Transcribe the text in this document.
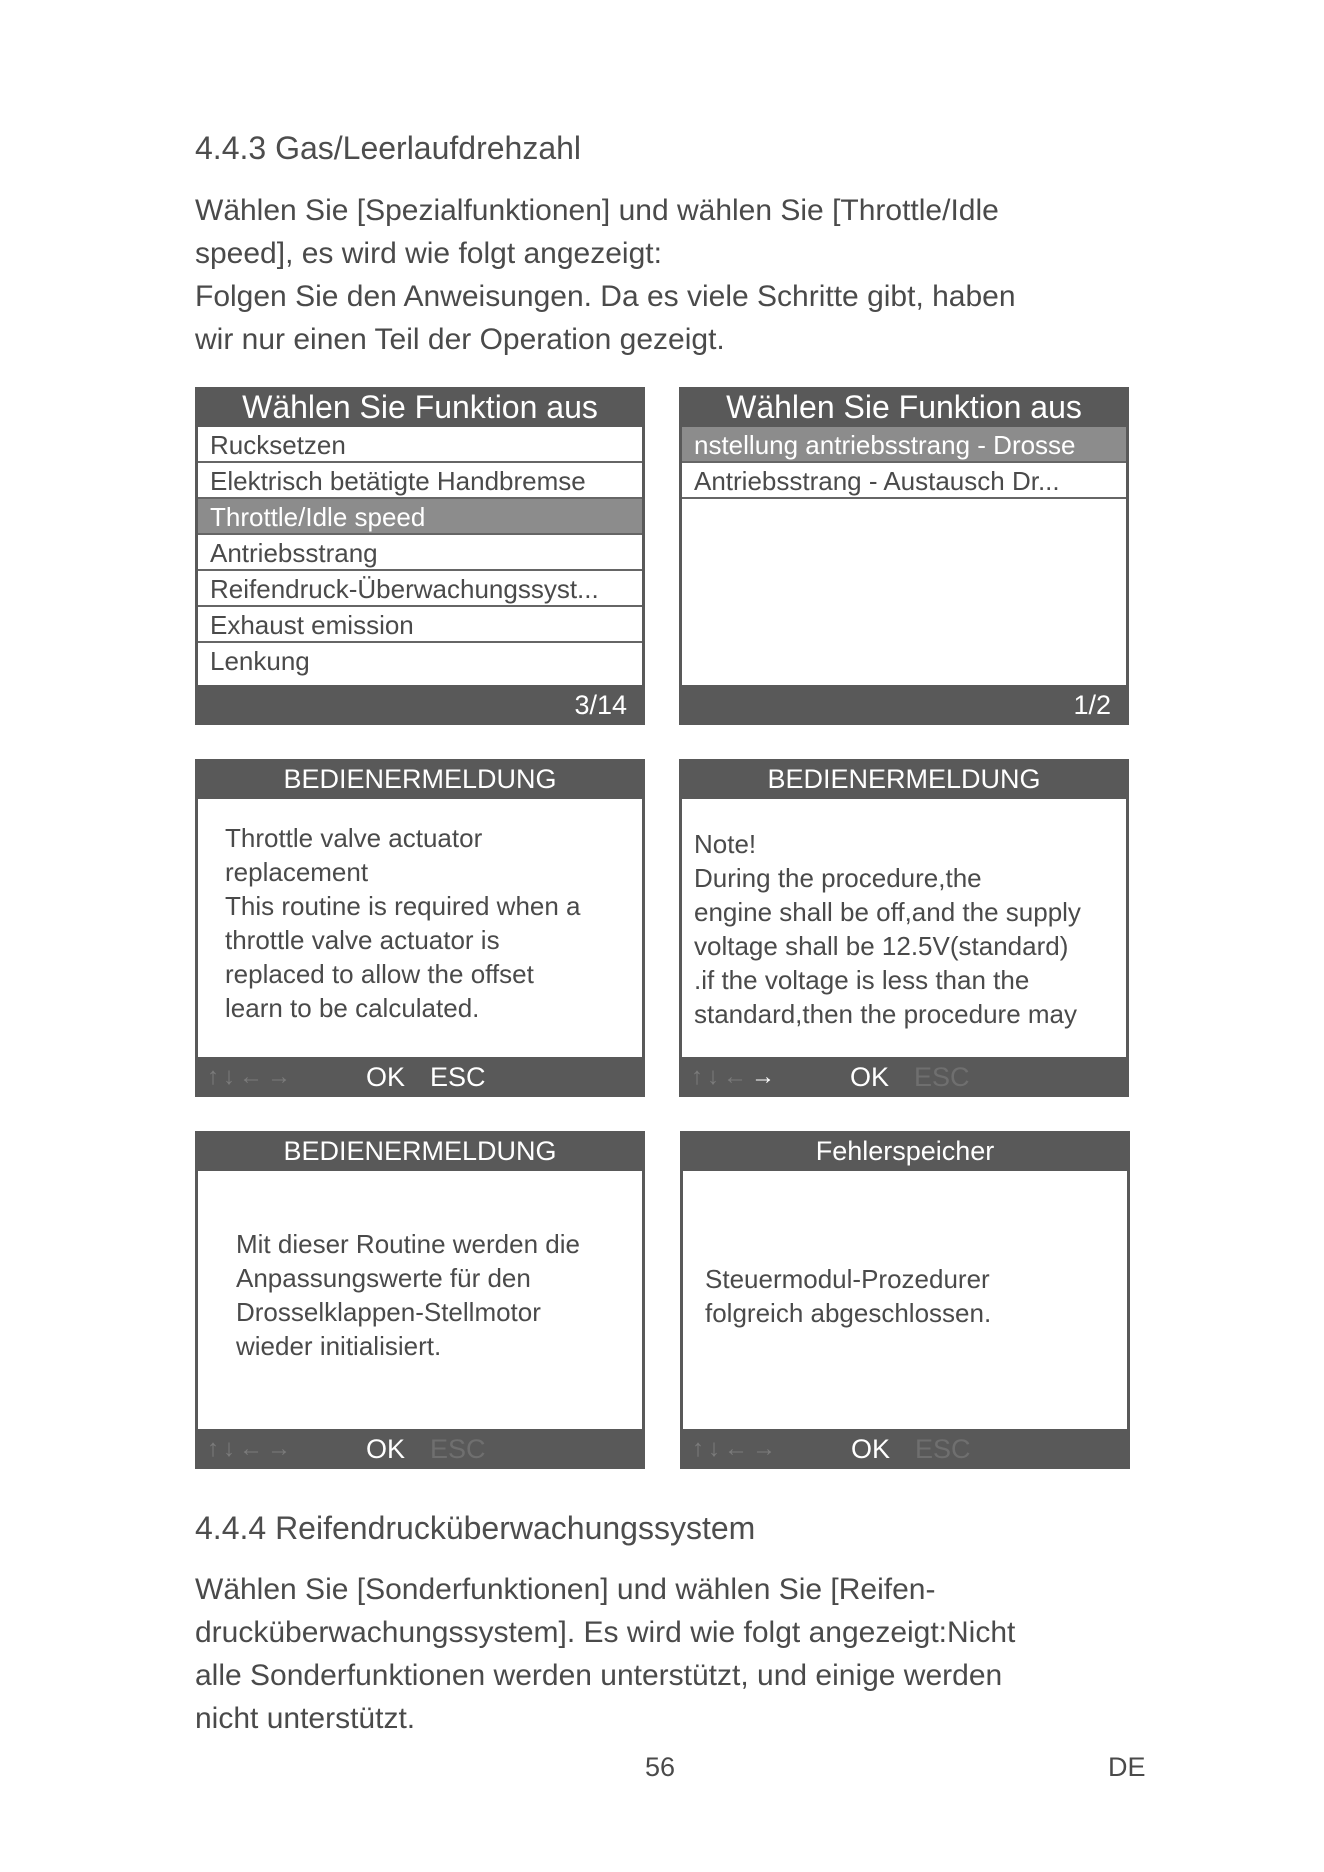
4.4.3 Gas/Leerlaufdrehzahl
Wählen Sie [Spezialfunktionen] und wählen Sie [Throttle/Idle
speed], es wird wie folgt angezeigt:
Folgen Sie den Anweisungen. Da es viele Schritte gibt, haben
wir nur einen Teil der Operation gezeigt.
Wählen Sie Funktion aus
Rucksetzen
Elektrisch betätigte Handbremse
Throttle/Idle speed
Antriebsstrang
Reifendruck-Überwachungssyst...
Exhaust emission
Lenkung
3/14
Wählen Sie Funktion aus
nstellung antriebsstrang - Drosse
Antriebsstrang - Austausch Dr...
1/2
BEDIENERMELDUNG
Throttle valve actuator
replacement
This routine is required when a
throttle valve actuator is
replaced to allow the offset
learn to be calculated.
↑↓←→	OK ESC
BEDIENERMELDUNG
Note!
During the procedure,the
engine shall be off,and the supply
voltage shall be 12.5V(standard)
.if the voltage is less than the
standard,then the procedure may
↑↓←→	OK ESC
BEDIENERMELDUNG
Mit dieser Routine werden die
Anpassungswerte für den
Drosselklappen-Stellmotor
wieder initialisiert.
↑↓←→	OK ESC
Fehlerspeicher
Steuermodul-Prozedurer
folgreich abgeschlossen.
↑↓←→	OK ESC
4.4.4 Reifendrucküberwachungssystem
Wählen Sie [Sonderfunktionen] und wählen Sie [Reifen-
drucküberwachungssystem]. Es wird wie folgt angezeigt:Nicht
alle Sonderfunktionen werden unterstützt, und einige werden
nicht unterstützt.
56	DE
